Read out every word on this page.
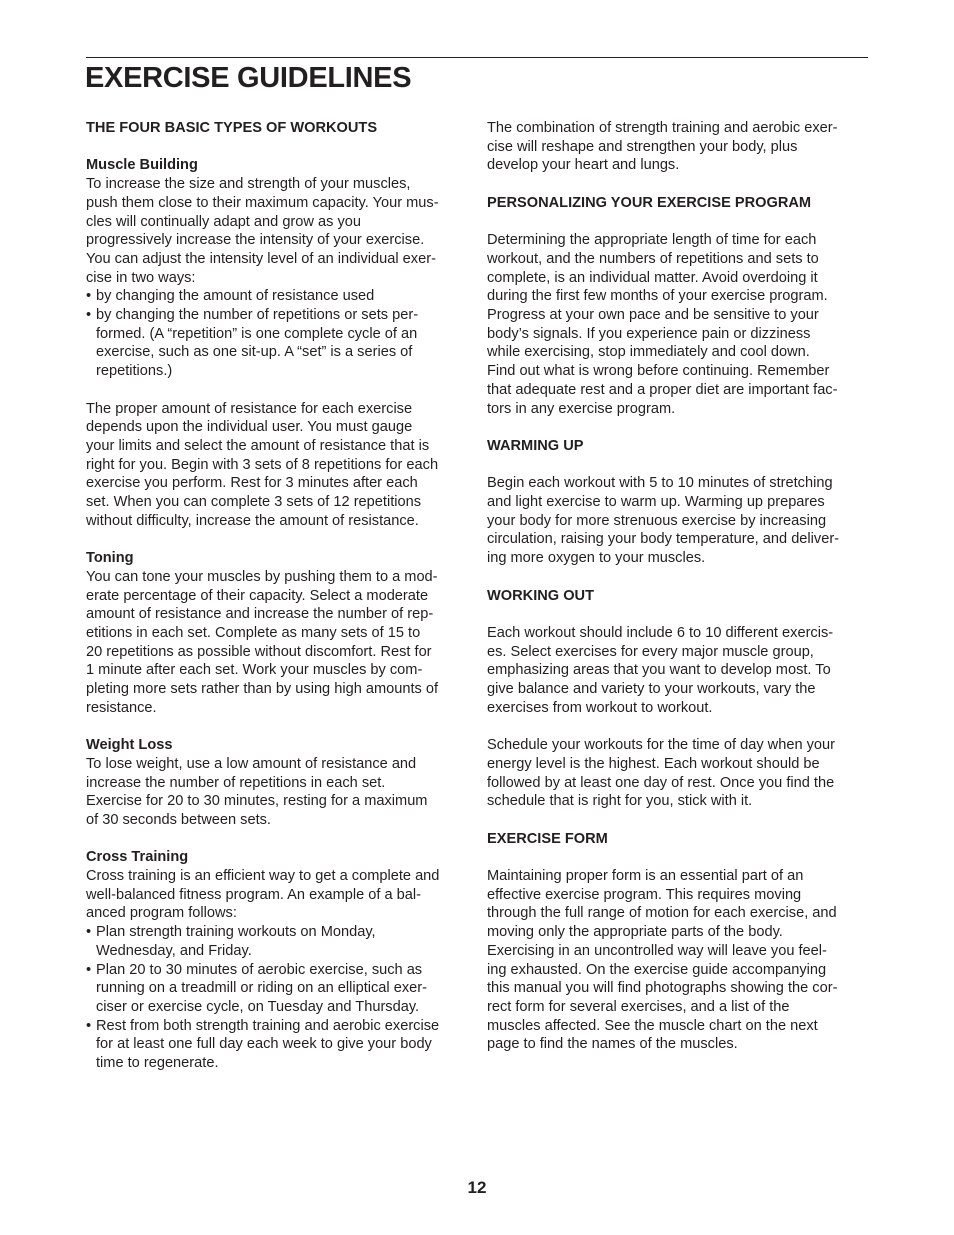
EXERCISE GUIDELINES

THE FOUR BASIC TYPES OF WORKOUTS

Muscle Building

To increase the size and strength of your muscles,
push them close to their maximum capacity. Your mus-
cles will continually adapt and grow as you
progressively increase the intensity of your exercise.
You can adjust the intensity level of an individual exer-
cise in two ways:
• by changing the amount of resistance used
• by changing the number of repetitions or sets per-
formed. (A “repetition” is one complete cycle of an
exercise, such as one sit-up. A “set” is a series of
repetitions.)
The proper amount of resistance for each exercise
depends upon the individual user. You must gauge
your limits and select the amount of resistance that is
right for you. Begin with 3 sets of 8 repetitions for each
exercise you perform. Rest for 3 minutes after each
set. When you can complete 3 sets of 12 repetitions
without difficulty, increase the amount of resistance.

Toning

You can tone your muscles by pushing them to a mod-
erate percentage of their capacity. Select a moderate
amount of resistance and increase the number of rep-
etitions in each set. Complete as many sets of 15 to
20 repetitions as possible without discomfort. Rest for
1 minute after each set. Work your muscles by com-
pleting more sets rather than by using high amounts of
resistance.

Weight Loss

To lose weight, use a low amount of resistance and
increase the number of repetitions in each set.
Exercise for 20 to 30 minutes, resting for a maximum
of 30 seconds between sets.

Cross Training

Cross training is an efficient way to get a complete and
well-balanced fitness program. An example of a bal-
anced program follows:
• Plan strength training workouts on Monday,
Wednesday, and Friday.
• Plan 20 to 30 minutes of aerobic exercise, such as
running on a treadmill or riding on an elliptical exer-
ciser or exercise cycle, on Tuesday and Thursday.
• Rest from both strength training and aerobic exercise
for at least one full day each week to give your body
time to regenerate.
The combination of strength training and aerobic exer-
cise will reshape and strengthen your body, plus
develop your heart and lungs.

PERSONALIZING YOUR EXERCISE PROGRAM

Determining the appropriate length of time for each
workout, and the numbers of repetitions and sets to
complete, is an individual matter. Avoid overdoing it
during the first few months of your exercise program.
Progress at your own pace and be sensitive to your
body’s signals. If you experience pain or dizziness
while exercising, stop immediately and cool down.
Find out what is wrong before continuing. Remember
that adequate rest and a proper diet are important fac-
tors in any exercise program.

WARMING UP

Begin each workout with 5 to 10 minutes of stretching
and light exercise to warm up. Warming up prepares
your body for more strenuous exercise by increasing
circulation, raising your body temperature, and deliver-
ing more oxygen to your muscles.

WORKING OUT

Each workout should include 6 to 10 different exercis-
es. Select exercises for every major muscle group,
emphasizing areas that you want to develop most. To
give balance and variety to your workouts, vary the
exercises from workout to workout.
Schedule your workouts for the time of day when your
energy level is the highest. Each workout should be
followed by at least one day of rest. Once you find the
schedule that is right for you, stick with it.

EXERCISE FORM

Maintaining proper form is an essential part of an
effective exercise program. This requires moving
through the full range of motion for each exercise, and
moving only the appropriate parts of the body.
Exercising in an uncontrolled way will leave you feel-
ing exhausted. On the exercise guide accompanying
this manual you will find photographs showing the cor-
rect form for several exercises, and a list of the
muscles affected. See the muscle chart on the next
page to find the names of the muscles.
12
